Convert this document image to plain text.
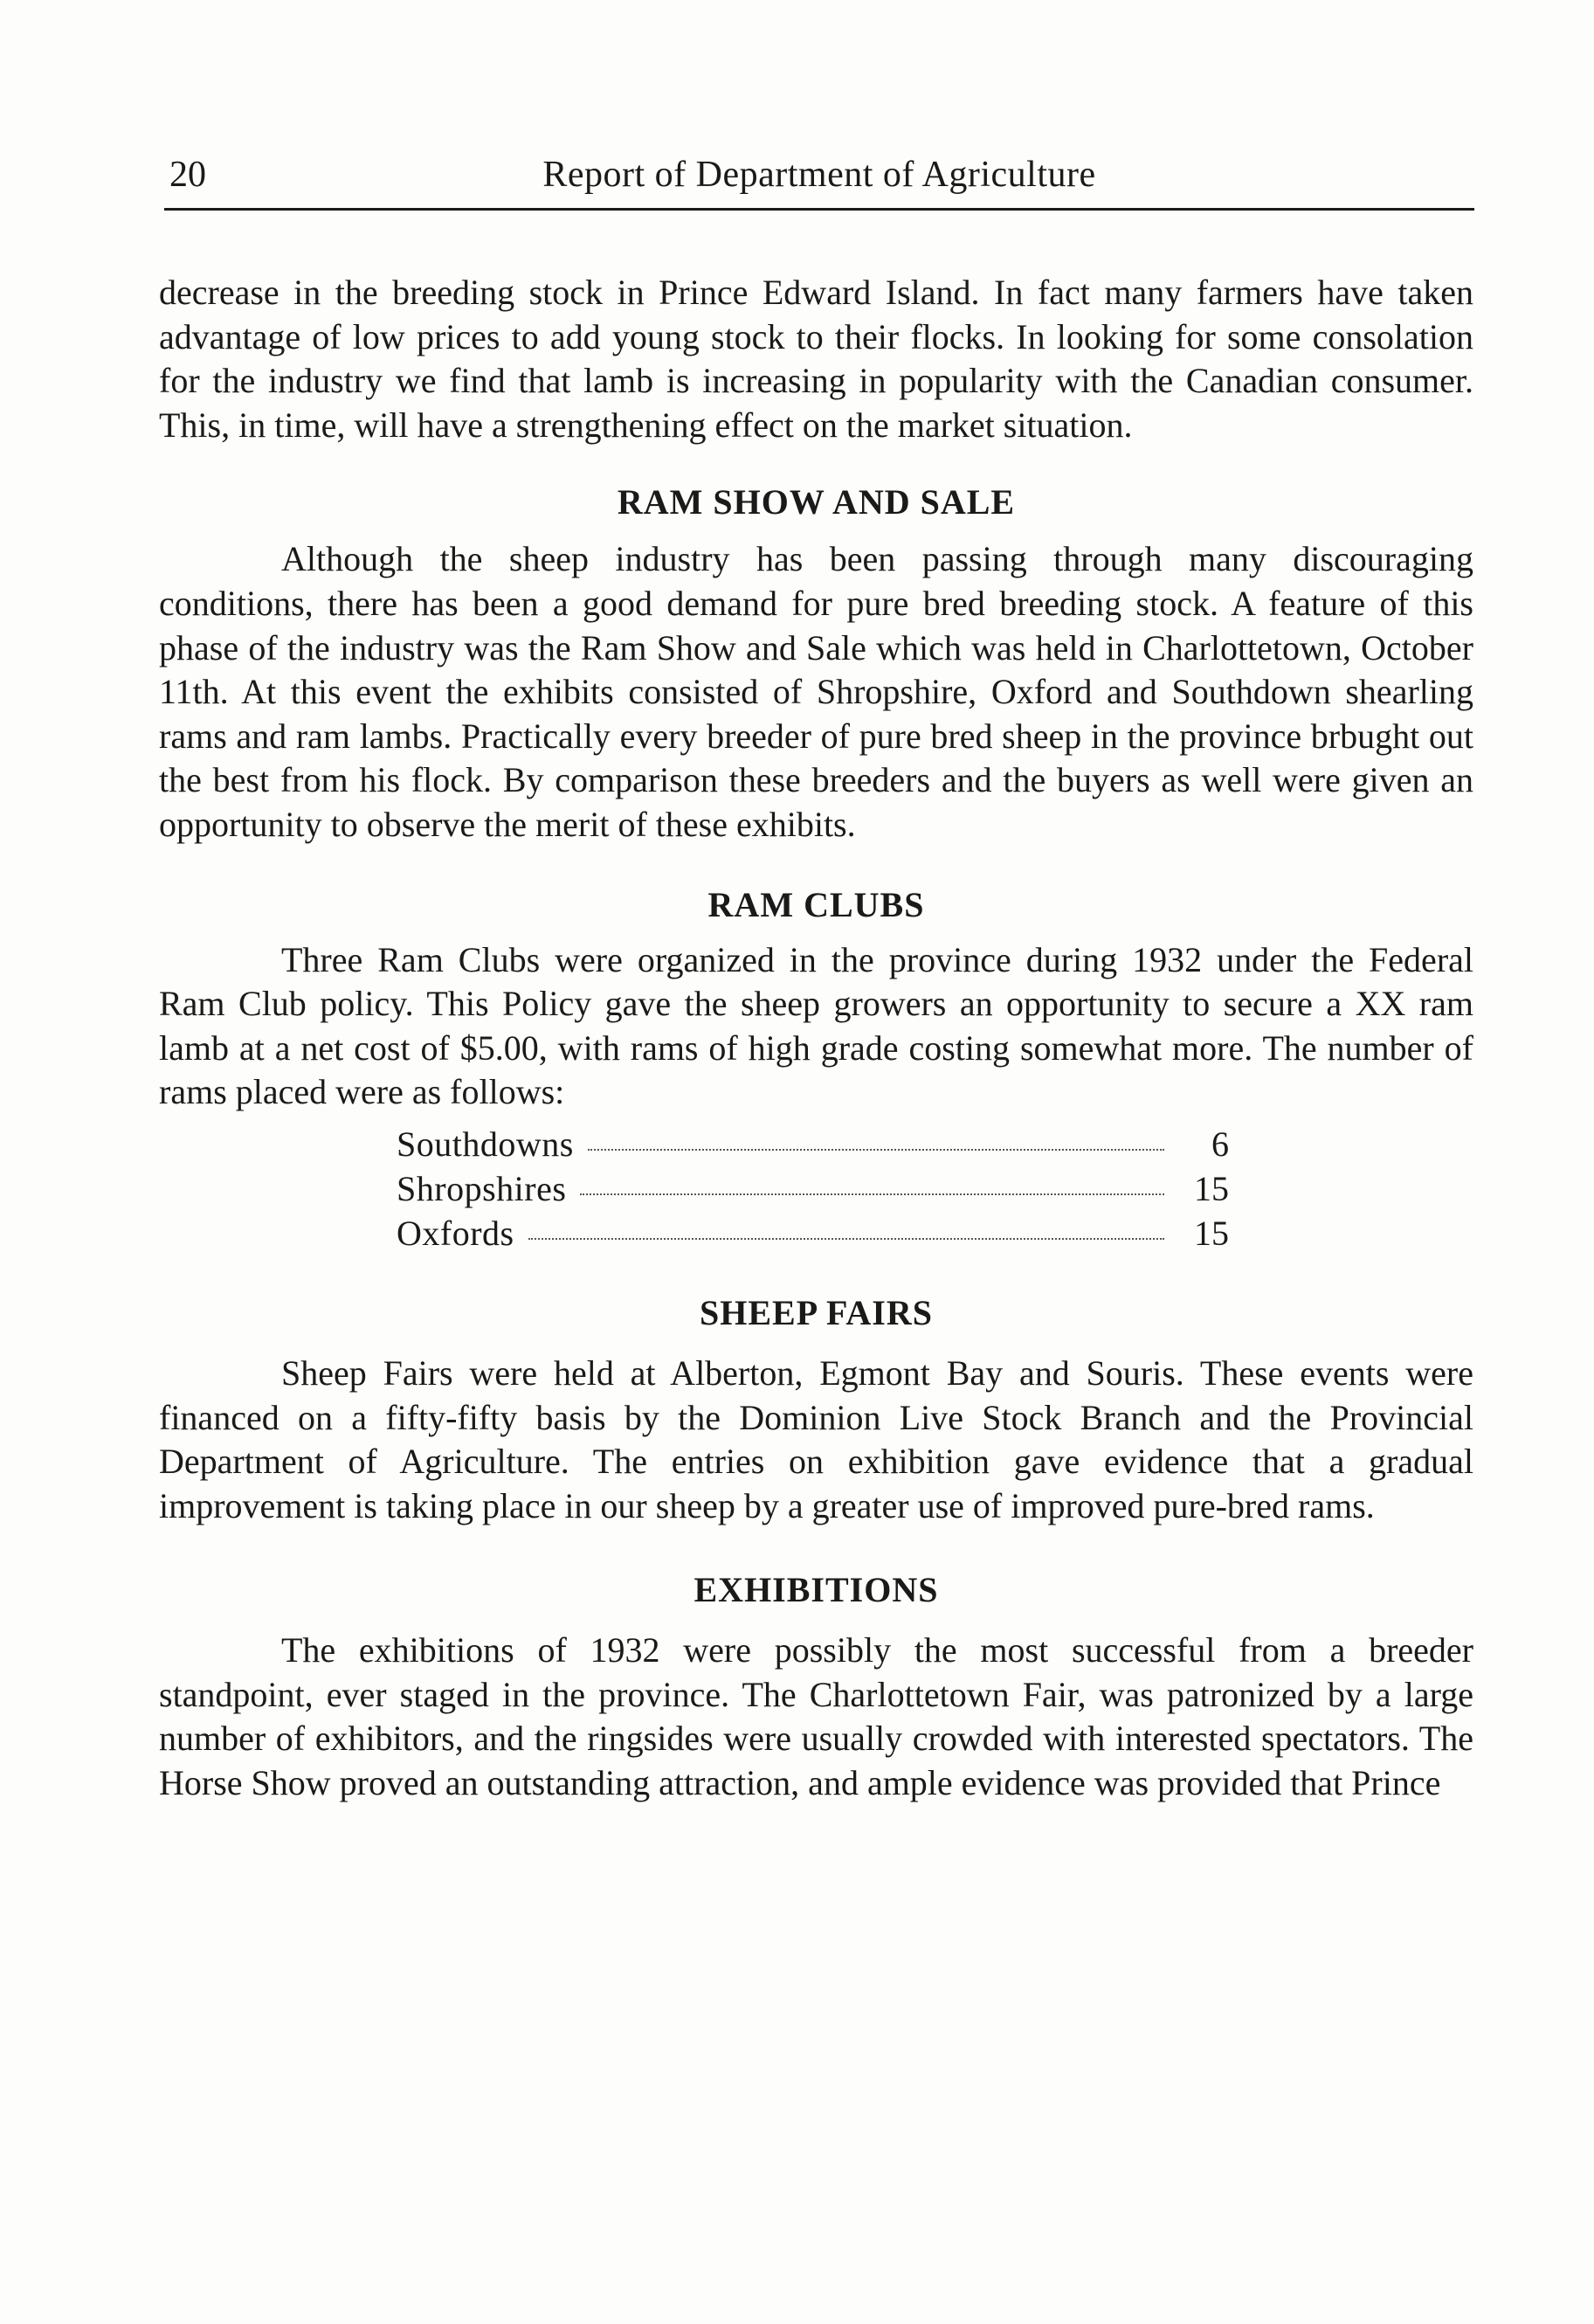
20	Report of Department of Agriculture

decrease in the breeding stock in Prince Edward Island. In fact many farmers have taken advantage of low prices to add young stock to their flocks. In looking for some consolation for the industry we find that lamb is increasing in popularity with the Canadian consumer. This, in time, will have a strengthening effect on the market situation.

RAM SHOW AND SALE

Although the sheep industry has been passing through many discouraging conditions, there has been a good demand for pure bred breeding stock. A feature of this phase of the industry was the Ram Show and Sale which was held in Charlottetown, October 11th. At this event the exhibits consisted of Shropshire, Oxford and Southdown shearling rams and ram lambs. Practically every breeder of pure bred sheep in the province brbught out the best from his flock. By comparison these breeders and the buyers as well were given an opportunity to observe the merit of these exhibits.

RAM CLUBS

Three Ram Clubs were organized in the province during 1932 under the Federal Ram Club policy. This Policy gave the sheep growers an opportunity to secure a XX ram lamb at a net cost of $5.00, with rams of high grade costing somewhat more. The number of rams placed were as follows:

Southdowns	6
Shropshires	15
Oxfords	15
SHEEP FAIRS

Sheep Fairs were held at Alberton, Egmont Bay and Souris. These events were financed on a fifty-fifty basis by the Dominion Live Stock Branch and the Provincial Department of Agriculture. The entries on exhibition gave evidence that a gradual improvement is taking place in our sheep by a greater use of improved pure-bred rams.

EXHIBITIONS

The exhibitions of 1932 were possibly the most successful from a breeder standpoint, ever staged in the province. The Charlottetown Fair, was patronized by a large number of exhibitors, and the ringsides were usually crowded with interested spectators. The Horse Show proved an outstanding attraction, and ample evidence was provided that Prince
